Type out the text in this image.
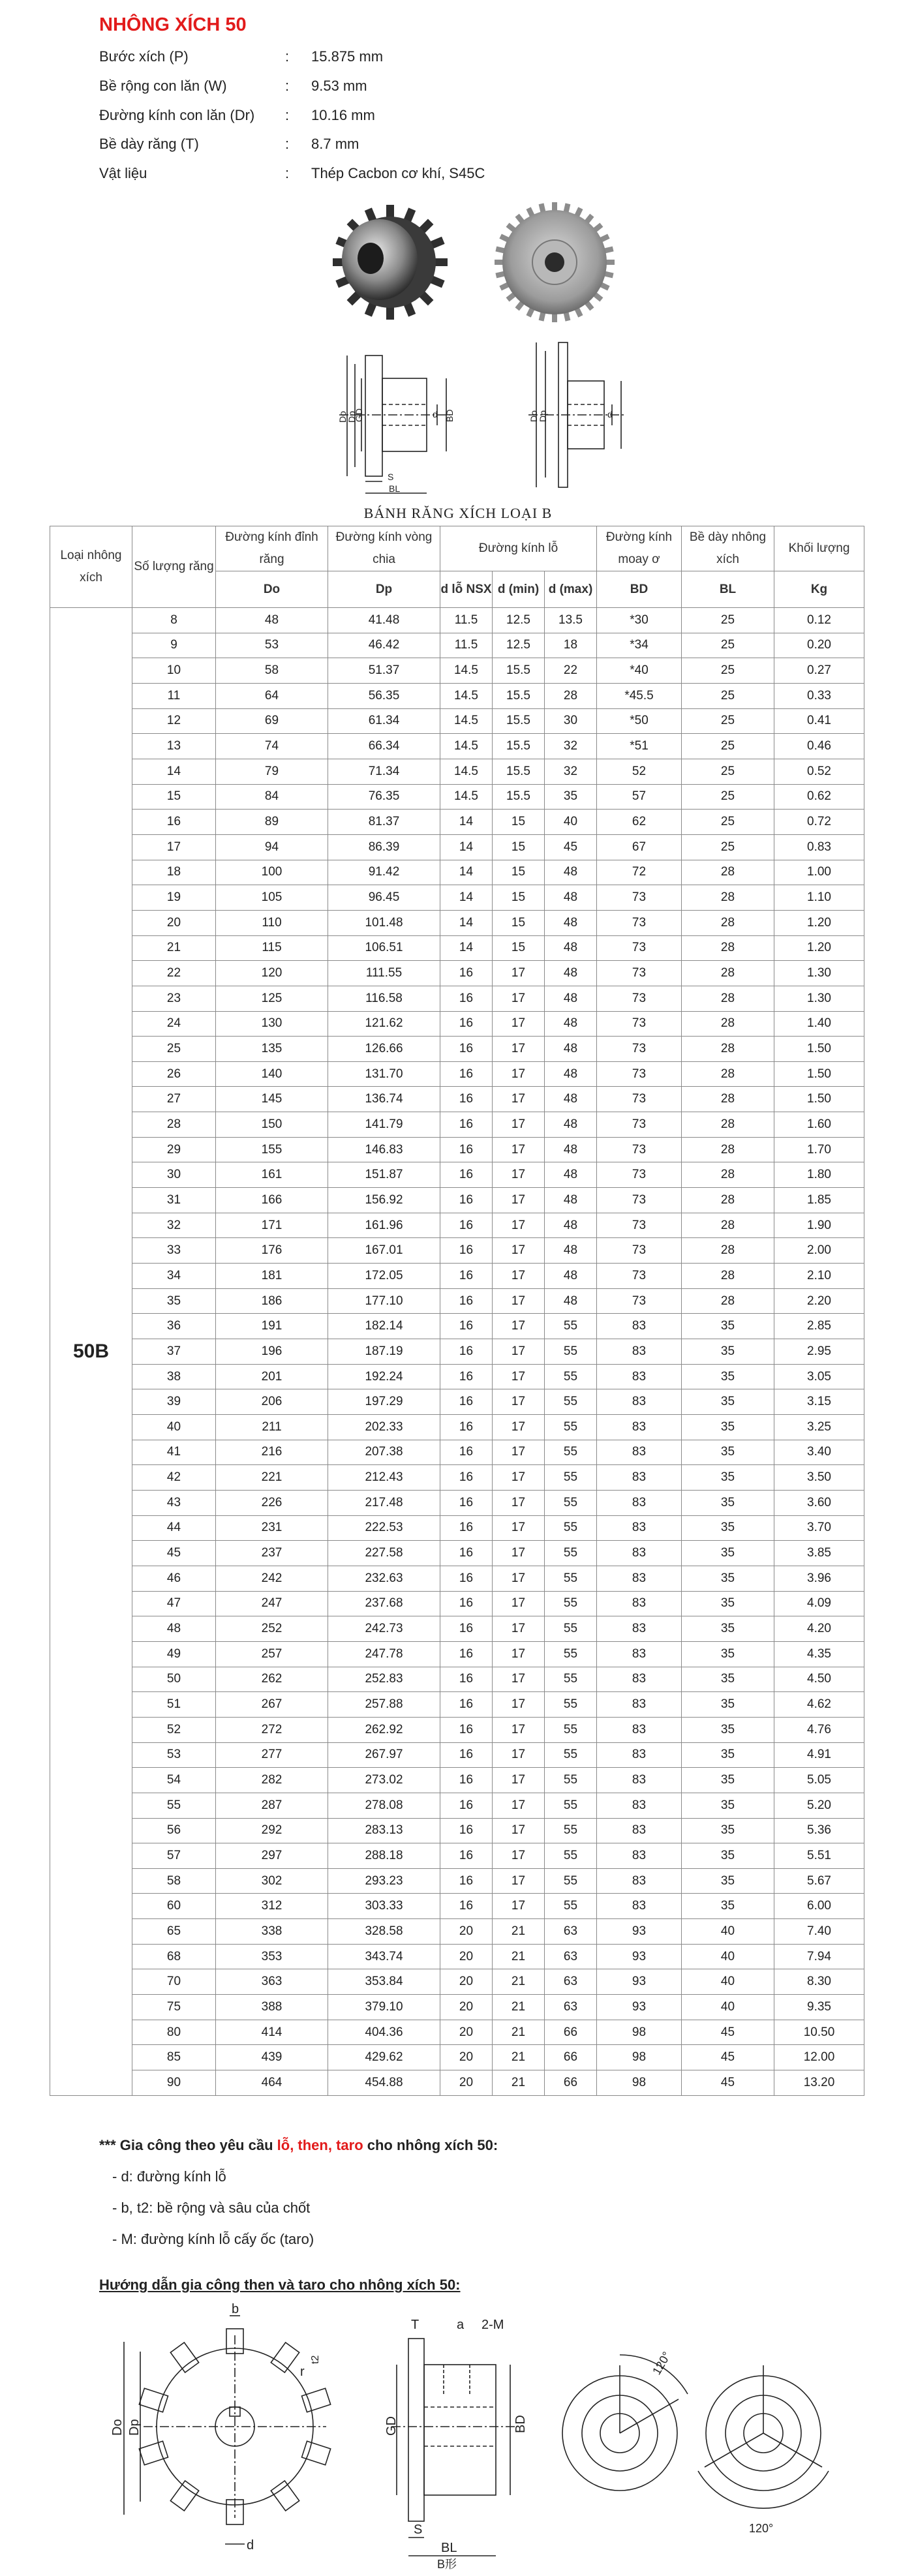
NHÔNG XÍCH 50
Bước xích (P)	: 15.875 mm
Bề rộng con lăn (W)	: 9.53 mm
Đường kính con lăn (Dr) : 10.16 mm
Bề dày răng (T)	: 8.7 mm
Vật liệu	: Thép Cacbon cơ khí, S45C
Do
Dp
GD	d BD
S
BL
Do
Dp	d
BÁNH RĂNG XÍCH LOẠI B
Loại nhông xích	Số lượng răng	Đường kính đỉnh răng	Đường kính vòng chia	Đường kính lỗ			Đường kính moay ơ	Bề dày nhông xích	Khối lượng
		Do	Dp	d lỗ NSX	d (min)	d (max)	BD	BL	Kg
50B	8	48	41.48	11.5	12.5	13.5	*30	25	0.12
	9	53	46.42	11.5	12.5	18	*34	25	0.20
	10	58	51.37	14.5	15.5	22	*40	25	0.27
	11	64	56.35	14.5	15.5	28	*45.5	25	0.33
	12	69	61.34	14.5	15.5	30	*50	25	0.41
	13	74	66.34	14.5	15.5	32	*51	25	0.46
	14	79	71.34	14.5	15.5	32	52	25	0.52
	15	84	76.35	14.5	15.5	35	57	25	0.62
	16	89	81.37	14	15	40	62	25	0.72
	17	94	86.39	14	15	45	67	25	0.83
	18	100	91.42	14	15	48	72	28	1.00
	19	105	96.45	14	15	48	73	28	1.10
	20	110	101.48	14	15	48	73	28	1.20
	21	115	106.51	14	15	48	73	28	1.20
	22	120	111.55	16	17	48	73	28	1.30
	23	125	116.58	16	17	48	73	28	1.30
	24	130	121.62	16	17	48	73	28	1.40
	25	135	126.66	16	17	48	73	28	1.50
	26	140	131.70	16	17	48	73	28	1.50
	27	145	136.74	16	17	48	73	28	1.50
	28	150	141.79	16	17	48	73	28	1.60
	29	155	146.83	16	17	48	73	28	1.70
	30	161	151.87	16	17	48	73	28	1.80
	31	166	156.92	16	17	48	73	28	1.85
	32	171	161.96	16	17	48	73	28	1.90
	33	176	167.01	16	17	48	73	28	2.00
	34	181	172.05	16	17	48	73	28	2.10
	35	186	177.10	16	17	48	73	28	2.20
	36	191	182.14	16	17	55	83	35	2.85
	37	196	187.19	16	17	55	83	35	2.95
	38	201	192.24	16	17	55	83	35	3.05
	39	206	197.29	16	17	55	83	35	3.15
	40	211	202.33	16	17	55	83	35	3.25
	41	216	207.38	16	17	55	83	35	3.40
	42	221	212.43	16	17	55	83	35	3.50
	43	226	217.48	16	17	55	83	35	3.60
	44	231	222.53	16	17	55	83	35	3.70
	45	237	227.58	16	17	55	83	35	3.85
	46	242	232.63	16	17	55	83	35	3.96
	47	247	237.68	16	17	55	83	35	4.09
	48	252	242.73	16	17	55	83	35	4.20
	49	257	247.78	16	17	55	83	35	4.35
	50	262	252.83	16	17	55	83	35	4.50
	51	267	257.88	16	17	55	83	35	4.62
	52	272	262.92	16	17	55	83	35	4.76
	53	277	267.97	16	17	55	83	35	4.91
	54	282	273.02	16	17	55	83	35	5.05
	55	287	278.08	16	17	55	83	35	5.20
	56	292	283.13	16	17	55	83	35	5.36
	57	297	288.18	16	17	55	83	35	5.51
	58	302	293.23	16	17	55	83	35	5.67
	60	312	303.33	16	17	55	83	35	6.00
	65	338	328.58	20	21	63	93	40	7.40
	68	353	343.74	20	21	63	93	40	7.94
	70	363	353.84	20	21	63	93	40	8.30
	75	388	379.10	20	21	63	93	40	9.35
	80	414	404.36	20	21	66	98	45	10.50
	85	439	429.62	20	21	66	98	45	12.00
	90	464	454.88	20	21	66	98	45	13.20
*** Gia công theo yêu cầu lỗ, then, taro cho nhông xích 50:
- d: đường kính lỗ
- b, t2: bề rộng và sâu của chốt
- M: đường kính lỗ cấy ốc (taro)
Hướng dẫn gia công then và taro cho nhông xích 50:
Do Dp
b
r
t2
d
T	a 2-M
GD	BD
S
BL
B形
120°
120°
